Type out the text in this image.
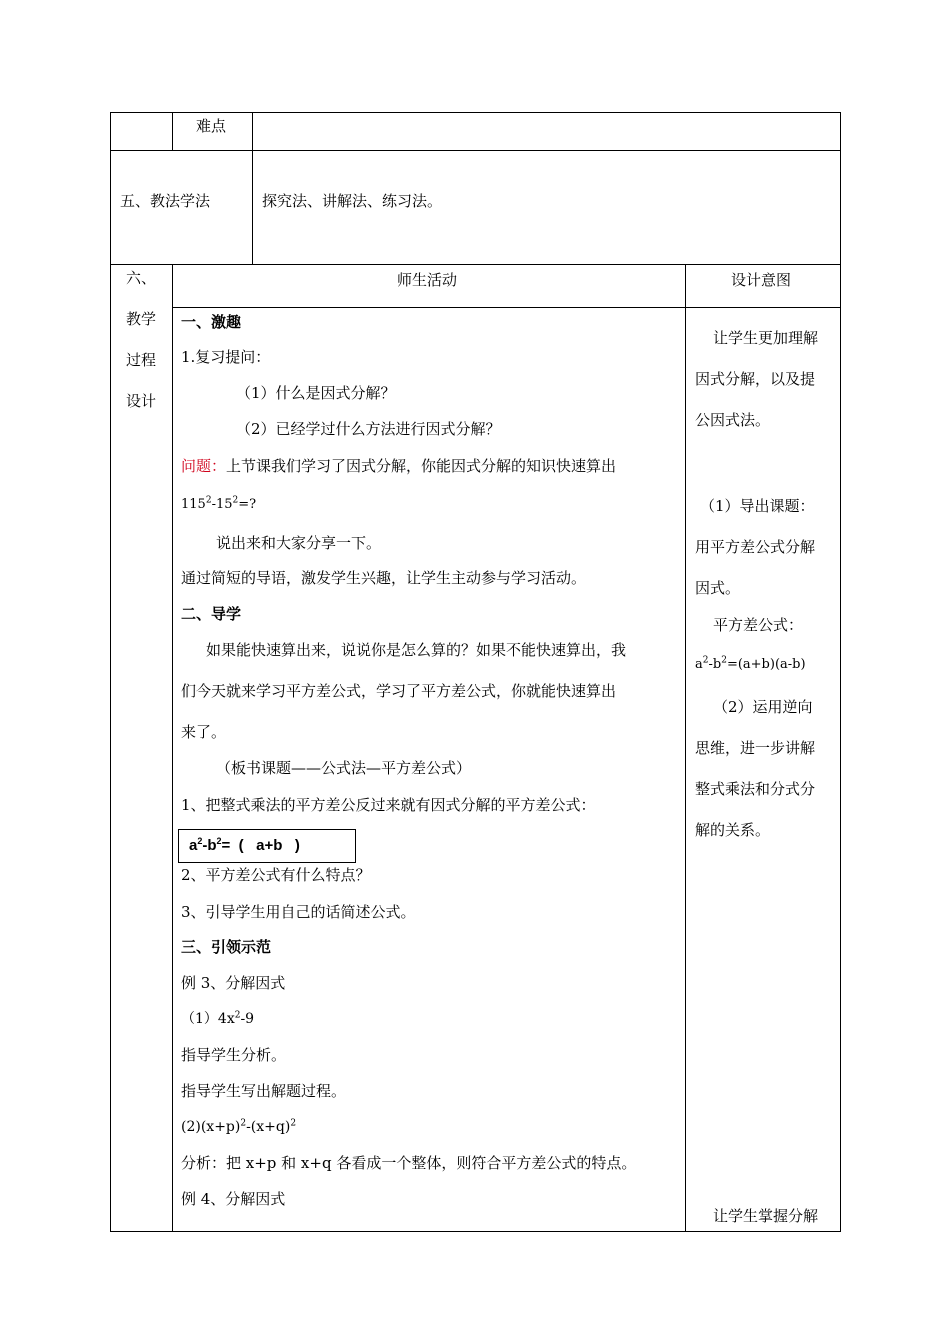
难点
五、教法学法	探究法、讲解法、练习法。
六、
教学
过程
设计
师生活动	设计意图
一、激趣
1.复习提问：
（1）什么是因式分解？
（2）已经学过什么方法进行因式分解？
问题：上节课我们学习了因式分解，你能因式分解的知识快速算出
$115^2-15^2=$?
说出来和大家分享一下。
通过简短的导语，激发学生兴趣，让学生主动参与学习活动。
二、导学
如果能快速算出来，说说你是怎么算的？如果不能快速算出，我
们今天就来学习平方差公式，学习了平方差公式，你就能快速算出
来了。
（板书课题——公式法—平方差公式）
1、把整式乘法的平方差公反过来就有因式分解的平方差公式：
$a^2-b^2=$  (   a+b   )
2、平方差公式有什么特点？
3、引导学生用自己的话简述公式。
三、引领示范
例 3、分解因式
$(1)4x^2-9$
指导学生分析。
指导学生写出解题过程。
$(2)(x+p)^2-(x+q)^2$
分析：把 x+p 和 x+q 各看成一个整体，则符合平方差公式的特点。
例 4、分解因式
让学生更加理解
因式分解，以及提
公因式法。
（1）导出课题：
用平方差公式分解
因式。
平方差公式：
$a^2-b^2=(a+b)(a-b)$
（2）运用逆向
思维，进一步讲解
整式乘法和分式分
解的关系。
让学生掌握分解
